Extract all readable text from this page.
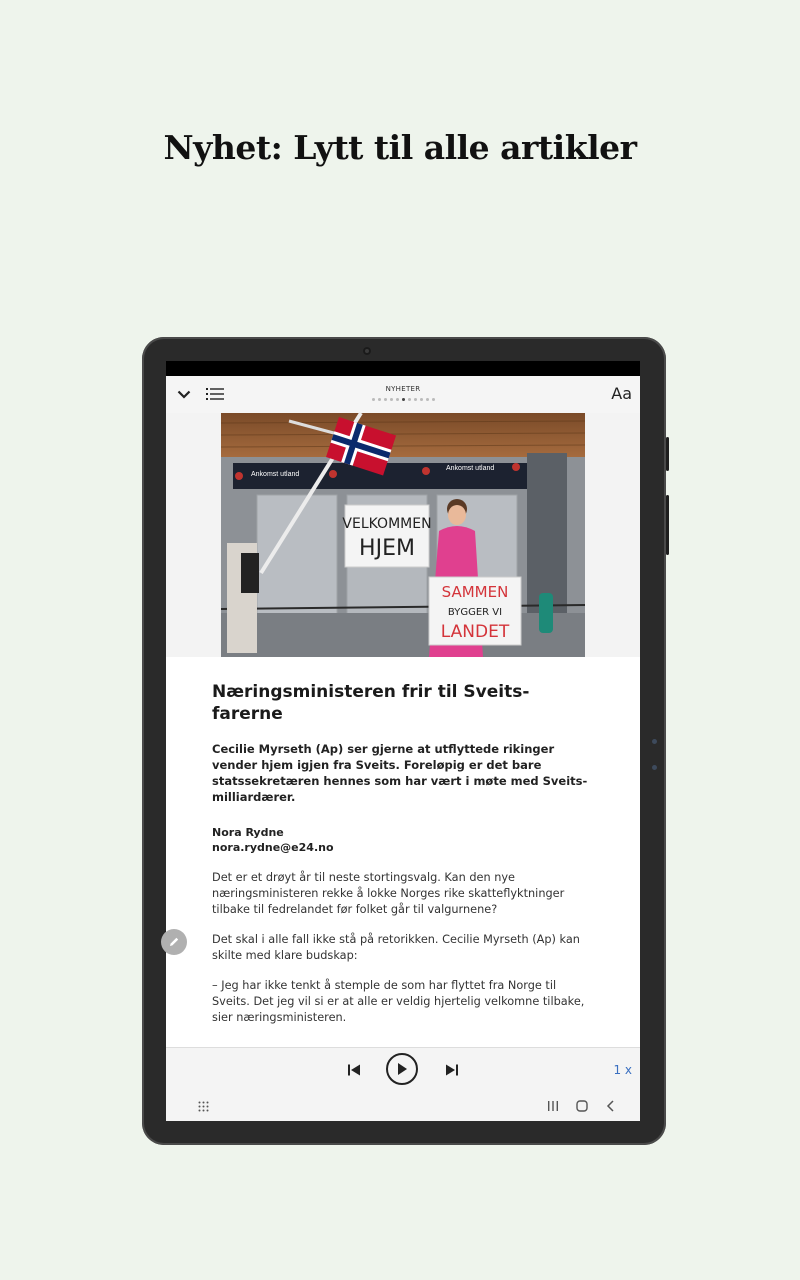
Nyhet: Lytt til alle artikler
NYHETER	Aa
Ankomst utland
Ankomst utland
VELKOMMEN
HJEM
SAMMEN
BYGGER VI
LANDET
Næringsministeren frir til Sveits-farerne
Cecilie Myrseth (Ap) ser gjerne at utflyttede rikinger vender hjem igjen fra Sveits. Foreløpig er det bare statssekretæren hennes som har vært i møte med Sveits-milliardærer.
Nora Rydne
nora.rydne@e24.no
Det er et drøyt år til neste stortingsvalg. Kan den nye næringsministeren rekke å lokke Norges rike skatteflyktninger tilbake til fedrelandet før folket går til valgurnene?
Det skal i alle fall ikke stå på retorikken. Cecilie Myrseth (Ap) kan skilte med klare budskap:
– Jeg har ikke tenkt å stemple de som har flyttet fra Norge til Sveits. Det jeg vil si er at alle er veldig hjertelig velkomne tilbake, sier næringsministeren.
1 x
